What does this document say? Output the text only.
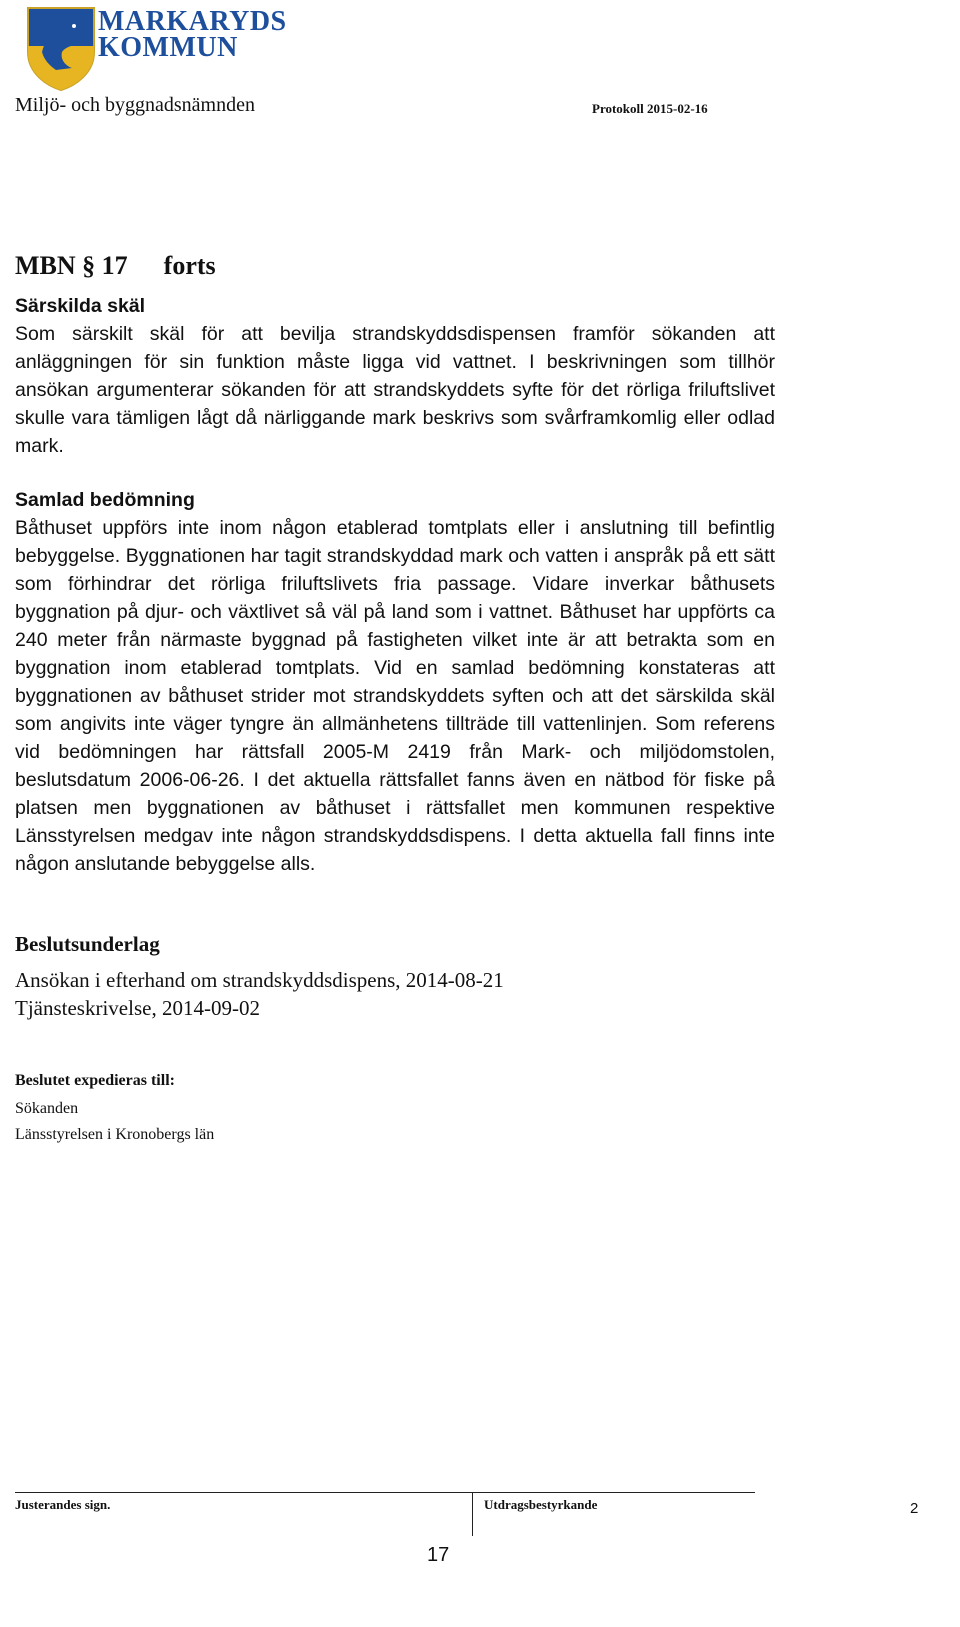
MARKARYDS
KOMMUN
Miljö- och byggnadsnämnden	Protokoll 2015-02-16
MBN § 17 forts
Särskilda skäl

Som särskilt skäl för att bevilja strandskyddsdispensen framför sökanden att anläggningen för sin funktion måste ligga vid vattnet. I beskrivningen som tillhör ansökan argumenterar sökanden för att strandskyddets syfte för det rörliga friluftslivet skulle vara tämligen lågt då närliggande mark beskrivs som svårframkomlig eller odlad mark.

Samlad bedömning

Båthuset uppförs inte inom någon etablerad tomtplats eller i anslutning till befintlig bebyggelse. Byggnationen har tagit strandskyddad mark och vatten i anspråk på ett sätt som förhindrar det rörliga friluftslivets fria passage. Vidare inverkar båthusets byggnation på djur- och växtlivet så väl på land som i vattnet. Båthuset har uppförts ca 240 meter från närmaste byggnad på fastigheten vilket inte är att betrakta som en byggnation inom etablerad tomtplats. Vid en samlad bedömning konstateras att byggnationen av båthuset strider mot strandskyddets syften och att det särskilda skäl som angivits inte väger tyngre än allmänhetens tillträde till vattenlinjen. Som referens vid bedömningen har rättsfall 2005-M 2419 från Mark- och miljödomstolen, beslutsdatum 2006-06-26. I det aktuella rättsfallet fanns även en nätbod för fiske på platsen men byggnationen av båthuset i rättsfallet men kommunen respektive Länsstyrelsen medgav inte någon strandskyddsdispens. I detta aktuella fall finns inte någon anslutande bebyggelse alls.

Beslutsunderlag
Ansökan i efterhand om strandskyddsdispens, 2014-08-21
Tjänsteskrivelse, 2014-09-02
Beslutet expedieras till:
Sökanden
Länsstyrelsen i Kronobergs län
Justerandes sign.	Utdragsbestyrkande	2
17
